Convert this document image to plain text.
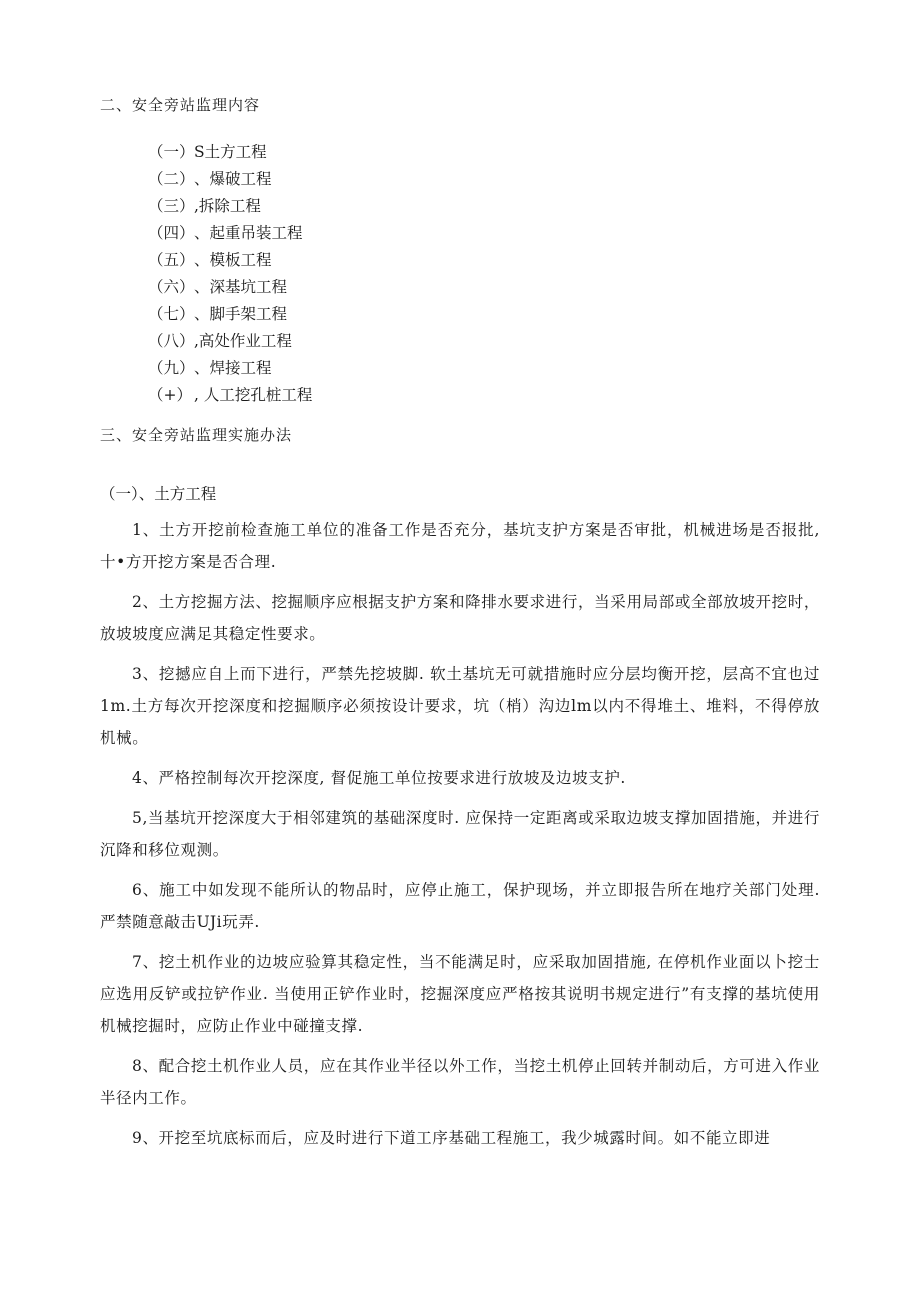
二、安全旁站监理内容
（一）S土方工程
（二）、爆破工程
（三）,拆除工程
（四）、起重吊装工程
（五）、模板工程
（六）、深基坑工程
（七）、脚手架工程
（八）,高处作业工程
（九）、焊接工程
（+） , 人工挖孔桩工程
三、安全旁站监理实施办法
（一）、土方工程

1、土方开挖前检查施工单位的准备工作是否充分，基坑支护方案是否审批，机械进场是否报批, 十•方开挖方案是否合理.

2、土方挖掘方法、挖掘顺序应根据支护方案和降排水要求进行，当采用局部或全部放坡开挖时，放坡坡度应满足其稳定性要求。

3、挖撼应自上而下进行，严禁先挖坡脚. 软土基坑无可就措施时应分层均衡开挖，层高不宜也过1m.土方每次开挖深度和挖掘顺序必须按设计要求，坑（梢）沟边lm以内不得堆土、堆料，不得停放机械。

4、严格控制每次开挖深度, 督促施工单位按要求进行放坡及边坡支护.

5,当基坑开挖深度大于相邻建筑的基础深度时. 应保持一定距离或采取边坡支撑加固措施，并进行沉降和移位观测。

6、施工中如发现不能所认的物品时，应停止施工，保护现场，并立即报告所在地疗关部门处理. 严禁随意敲击UJi玩弄.

7、挖土机作业的边坡应验算其稳定性，当不能满足时，应采取加固措施, 在停机作业面以卜挖士应选用反铲或拉铲作业. 当使用正铲作业时，挖掘深度应严格按其说明书规定进行”有支撑的基坑使用机械挖掘时，应防止作业中碰撞支撑.

8、配合挖土机作业人员，应在其作业半径以外工作，当挖土机停止回转并制动后，方可进入作业半径内工作。

9、开挖至坑底标而后，应及时进行下道工序基础工程施工，我少城露时间。如不能立即进
